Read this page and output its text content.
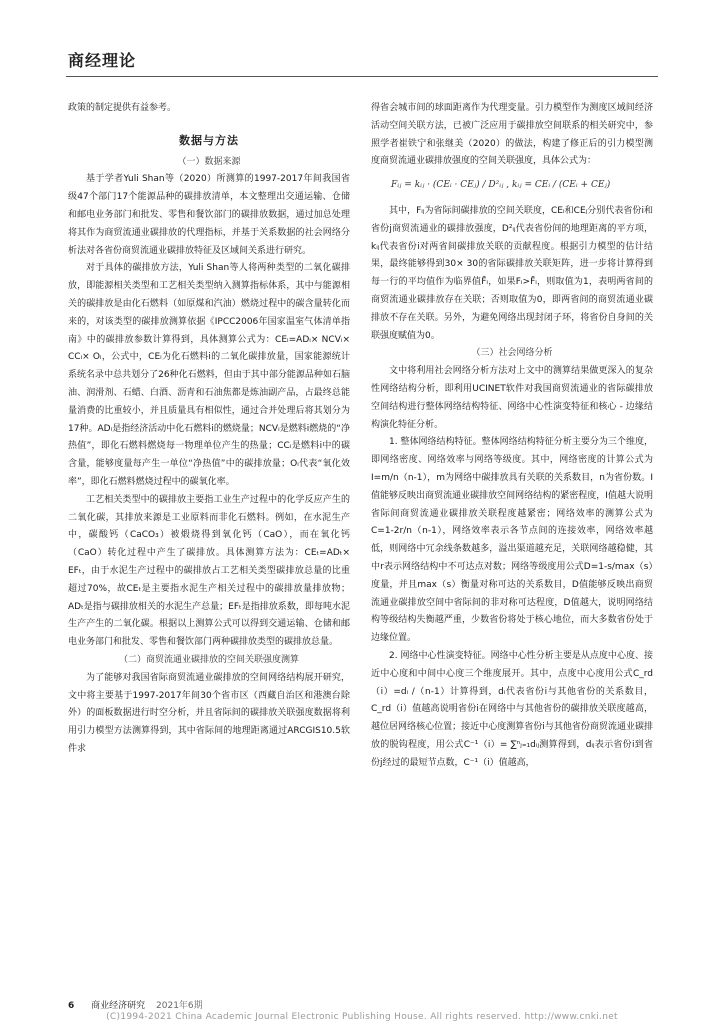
商经理论

政策的制定提供有益参考。

数据与方法

（一）数据来源

基于学者Yuli Shan等（2020）所测算的1997-2017年间我国省级47个部门17个能源品种的碳排放清单，本文整理出交通运输、仓储和邮电业务部门和批发、零售和餐饮部门的碳排放数据，通过加总处理将其作为商贸流通业碳排放的代理指标，并基于关系数据的社会网络分析法对各省份商贸流通业碳排放特征及区域间关系进行研究。

对于具体的碳排放方法，Yuli Shan等人将两种类型的二氧化碳排放，即能源相关类型和工艺相关类型纳入测算指标体系，其中与能源相关的碳排放是由化石燃料（如原煤和汽油）燃烧过程中的碳含量转化而来的，对该类型的碳排放测算依据《IPCC2006年国家温室气体清单指南》中的碳排放参数计算得到，具体测算公式为：CEᵢ=ADᵢ× NCVᵢ× CCᵢ× Oᵢ，公式中，CEᵢ为化石燃料i的二氧化碳排放量，国家能源统计系统名录中总共划分了26种化石燃料，但由于其中部分能源品种如石脑油、润滑剂、石蜡、白酒、沥青和石油焦都是炼油副产品，占最终总能量消费的比重较小，并且质量具有相似性，通过合并处理后将其划分为17种。ADᵢ是指经济活动中化石燃料i的燃烧量；NCVᵢ是燃料i燃烧的“净热值”，即化石燃料燃烧每一物理单位产生的热量；CCᵢ是燃料i中的碳含量，能够度量每产生一单位“净热值”中的碳排放量；Oᵢ代表“氧化效率”，即化石燃料燃烧过程中的碳氧化率。

工艺相关类型中的碳排放主要指工业生产过程中的化学反应产生的二氧化碳，其排放来源是工业原料而非化石燃料。例如，在水泥生产中，碳酸钙（CaCO₃）被煅烧得到氧化钙（CaO），而在氧化钙（CaO）转化过程中产生了碳排放。具体测算方法为：CEₜ=ADₜ× EFₜ，由于水泥生产过程中的碳排放占工艺相关类型碳排放总量的比重超过70%，故CEₜ是主要指水泥生产相关过程中的碳排放量排放物；ADₜ是指与碳排放相关的水泥生产总量；EFₜ是指排放系数，即每吨水泥生产产生的二氧化碳。根据以上测算公式可以得到交通运输、仓储和邮电业务部门和批发、零售和餐饮部门两种碳排放类型的碳排放总量。

（二）商贸流通业碳排放的空间关联强度测算

为了能够对我国省际商贸流通业碳排放的空间网络结构展开研究，文中将主要基于1997-2017年间30个省市区（西藏自治区和港澳台除外）的面板数据进行时空分析，并且省际间的碳排放关联强度数据将利用引力模型方法测算得到，其中省际间的地理距离通过ARCGIS10.5软件求

得省会城市间的球面距离作为代理变量。引力模型作为测度区域间经济活动空间关联方法，已被广泛应用于碳排放空间联系的相关研究中，参照学者崔铁宁和张继美（2020）的做法，构建了修正后的引力模型测度商贸流通业碳排放强度的空间关联强度，具体公式为：

Fᵢⱼ = kᵢⱼ · (CEᵢ · CEⱼ) / D²ᵢⱼ , kᵢⱼ = CEᵢ / (CEᵢ + CEⱼ)

其中，Fᵢⱼ为省际间碳排放的空间关联度，CEᵢ和CEⱼ分别代表省份i和省份j商贸流通业的碳排放强度，D²ᵢⱼ代表省份间的地理距离的平方项，kᵢⱼ代表省份i对两省间碳排放关联的贡献程度。根据引力模型的估计结果，最终能够得到30× 30的省际碳排放关联矩阵，进一步将计算得到每一行的平均值作为临界值F̄ᵢ，如果Fᵢ>F̄ᵢ，则取值为1，表明两省间的商贸流通业碳排放存在关联；否则取值为0，即两省间的商贸流通业碳排放不存在关联。另外，为避免网络出现封闭子环，将省份自身间的关联强度赋值为0。

（三）社会网络分析

文中将利用社会网络分析方法对上文中的测算结果做更深入的复杂性网络结构分析，即利用UCINET软件对我国商贸流通业的省际碳排放空间结构进行整体网络结构特征、网络中心性演变特征和核心 - 边缘结构演化特征分析。

1. 整体网络结构特征。整体网络结构特征分析主要分为三个维度，即网络密度、网络效率与网络等级度。其中，网络密度的计算公式为I=m/n（n-1），m为网络中碳排放具有关联的关系数目，n为省份数。I值能够反映出商贸流通业碳排放空间网络结构的紧密程度，I值越大说明省际间商贸流通业碳排放关联程度越紧密；网络效率的测算公式为C=1-2r/n（n-1），网络效率表示各节点间的连接效率，网络效率越低，则网络中冗余线条数越多，溢出渠道越充足，关联网络越稳健，其中r表示网络结构中不可达点对数；网络等级度用公式D=1-s/max（s）度量，并且max（s）衡量对称可达的关系数目，D值能够反映出商贸流通业碳排放空间中省际间的非对称可达程度，D值越大，说明网络结构等级结构失衡越严重，少数省份将处于核心地位，而大多数省份处于边缘位置。

2. 网络中心性演变特征。网络中心性分析主要是从点度中心度、接近中心度和中间中心度三个维度展开。其中，点度中心度用公式C_rd（i）=dᵢ /（n-1）计算得到，dᵢ代表省份i与其他省份的关系数目，C_rd（i）值越高说明省份i在网络中与其他省份的碳排放关联度越高，越位居网络核心位置；接近中心度测算省份i与其他省份商贸流通业碳排放的脱钩程度，用公式C⁻¹（i）= ∑ⁿⱼ₌₁dᵢⱼ测算得到，dᵢⱼ表示省份i到省份j经过的最短节点数，C⁻¹（i）值越高，

6 商业经济研究 2021年6期
(C)1994-2021 China Academic Journal Electronic Publishing House. All rights reserved. http://www.cnki.net
